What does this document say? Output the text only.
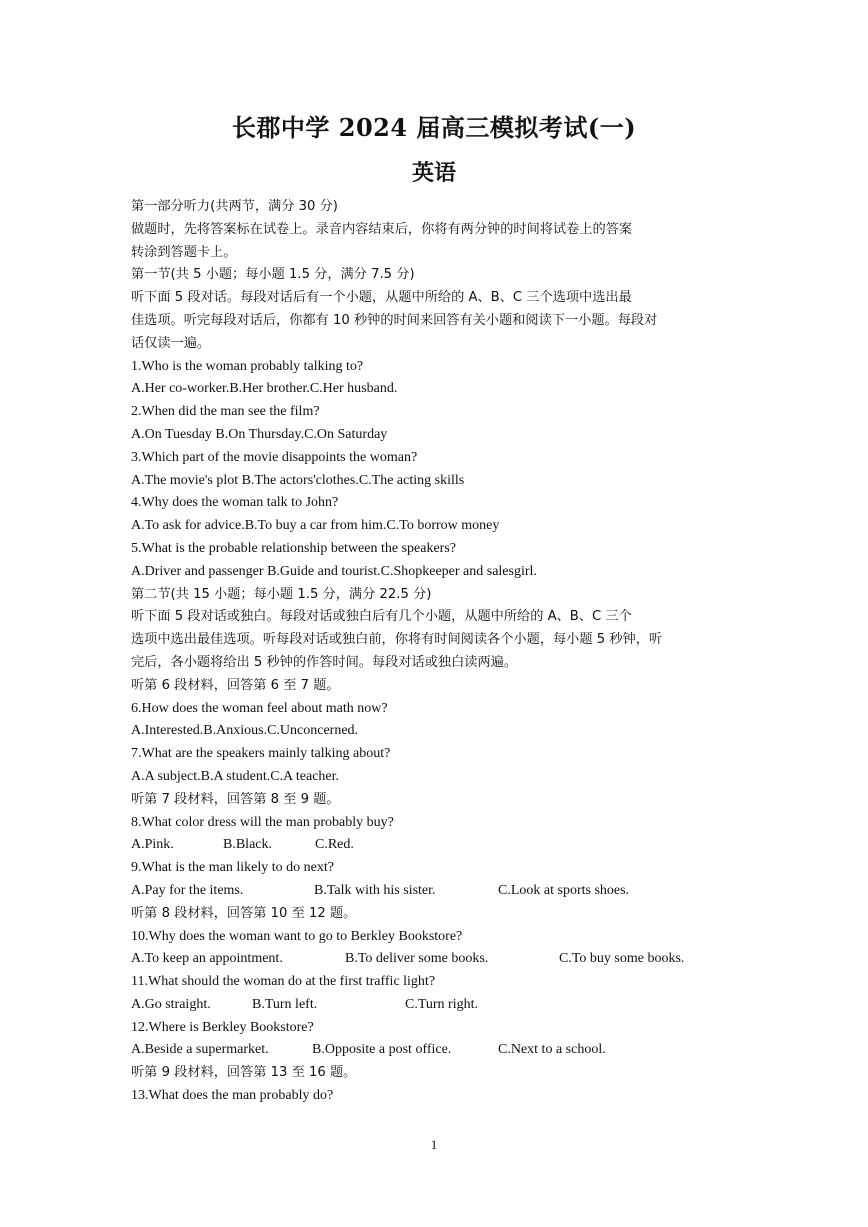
长郡中学 2024 届高三模拟考试(一)
英语
第一部分听力(共两节，满分 30 分)
做题时，先将答案标在试卷上。录音内容结束后，你将有两分钟的时间将试卷上的答案
转涂到答题卡上。
第一节(共 5 小题；每小题 1.5 分，满分 7.5 分)
听下面 5 段对话。每段对话后有一个小题，从题中所给的 A、B、C 三个选项中选出最
佳选项。听完每段对话后，你都有 10 秒钟的时间来回答有关小题和阅读下一小题。每段对
话仅读一遍。
1.Who is the woman probably talking to?
A.Her co-worker.B.Her brother.C.Her husband.
2.When did the man see the film?
A.On Tuesday B.On Thursday.C.On Saturday
3.Which part of the movie disappoints the woman?
A.The movie's plot B.The actors'clothes.C.The acting skills
4.Why does the woman talk to John?
A.To ask for advice.B.To buy a car from him.C.To borrow money
5.What is the probable relationship between the speakers?
A.Driver and passenger B.Guide and tourist.C.Shopkeeper and salesgirl.
第二节(共 15 小题；每小题 1.5 分，满分 22.5 分)
听下面 5 段对话或独白。每段对话或独白后有几个小题，从题中所给的 A、B、C 三个
选项中选出最佳选项。听每段对话或独白前，你将有时间阅读各个小题，每小题 5 秒钟，听
完后，各小题将给出 5 秒钟的作答时间。每段对话或独白读两遍。
听第 6 段材料，回答第 6 至 7 题。
6.How does the woman feel about math now?
A.Interested.B.Anxious.C.Unconcerned.
7.What are the speakers mainly talking about?
A.A subject.B.A student.C.A teacher.
听第 7 段材料，回答第 8 至 9 题。
8.What color dress will the man probably buy?
A.Pink.	B.Black.	C.Red.
9.What is the man likely to do next?
A.Pay for the items.	B.Talk with his sister.	C.Look at sports shoes.
听第 8 段材料，回答第 10 至 12 题。
10.Why does the woman want to go to Berkley Bookstore?
A.To keep an appointment.	B.To deliver some books.	C.To buy some books.
11.What should the woman do at the first traffic light?
A.Go straight.	B.Turn left.	C.Turn right.
12.Where is Berkley Bookstore?
A.Beside a supermarket.	B.Opposite a post office.	C.Next to a school.
听第 9 段材料，回答第 13 至 16 题。
13.What does the man probably do?
1
